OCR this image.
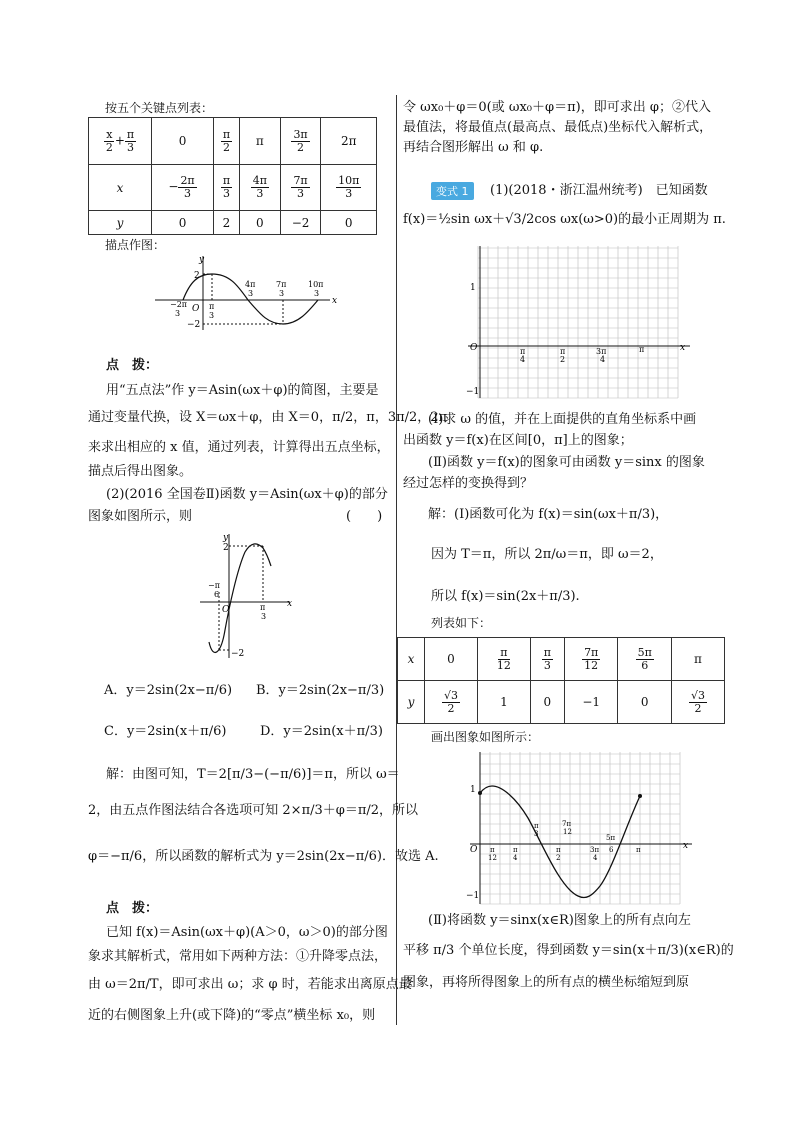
按五个关键点列表：
$\frac{x}{2} + \frac{\pi}{3}$	0	$\frac{\pi}{2}$	π	$\frac{3\pi}{2}$	2π
x	− $\frac{2\pi}{3}$	$\frac{\pi}{3}$	$\frac{4\pi}{3}$	$\frac{7\pi}{3}$	$\frac{10\pi}{3}$

y	0	2	0	−2	0
描点作图：
y
x
O
2
−2
−2π
3
π
3
4π
3
7π
3
10π
3
点　拨：
用“五点法”作 y＝Asin(ωx＋φ)的简图，主要是
通过变量代换，设 X＝ωx＋φ，由 X＝0，π/2，π，3π/2，2π
来求出相应的 x 值，通过列表，计算得出五点坐标，
描点后得出图象。
(2)(2016 全国卷Ⅱ)函数 y＝Asin(ωx＋φ)的部分
图象如图所示，则	(　　)
y
x
O
2
−2
−π
6
π
3
A．y＝2sin(2x−π/6) B．y＝2sin(2x−π/3)
C．y＝2sin(x＋π/6)	D．y＝2sin(x＋π/3)
解：由图可知，T＝2[π/3−(−π/6)]＝π，所以 ω＝
2，由五点作图法结合各选项可知 2×π/3＋φ＝π/2，所以
φ＝−π/6，所以函数的解析式为 y＝2sin(2x−π/6)．故选 A.
点　拨：
已知 f(x)＝Asin(ωx＋φ)(A＞0，ω＞0)的部分图
象求其解析式，常用如下两种方法：①升降零点法，
由 ω＝2π/T，即可求出 ω；求 φ 时，若能求出离原点最
近的右侧图象上升(或下降)的“零点”横坐标 x₀，则
令 ωx₀＋φ＝0(或 ωx₀＋φ＝π)，即可求出 φ；②代入
最值法，将最值点(最高点、最低点)坐标代入解析式，
再结合图形解出 ω 和 φ.
变式 1	(1)(2018・浙江温州统考)　已知函数
f(x)＝½sin ωx＋√3/2cos ωx(ω>0)的最小正周期为 π.
1
−1
O	π
4
π
2
3π
4
π	x
(Ⅰ)求 ω 的值，并在上面提供的直角坐标系中画
出函数 y＝f(x)在区间[0，π]上的图象；
(Ⅱ)函数 y＝f(x)的图象可由函数 y＝sinx 的图象
经过怎样的变换得到？
解：(Ⅰ)函数可化为 f(x)＝sin(ωx＋π/3)，
因为 T＝π，所以 2π/ω＝π，即 ω＝2，
所以 f(x)＝sin(2x＋π/3).
列表如下：
x	0	$\frac{\pi}{12}$	$\frac{\pi}{3}$	$\frac{7\pi}{12}$	$\frac{5\pi}{6}$	π
y	$\frac{√3}{2}$	1	0	−1	0	$\frac{√3}{2}$
画出图象如图所示：
1
−1
O π
12
π
4
π
3
π
2
7π
12
3π
4
5π
6	π	x
(Ⅱ)将函数 y＝sinx(x∈R)图象上的所有点向左
平移 π/3 个单位长度，得到函数 y＝sin(x＋π/3)(x∈R)的
图象，再将所得图象上的所有点的横坐标缩短到原
